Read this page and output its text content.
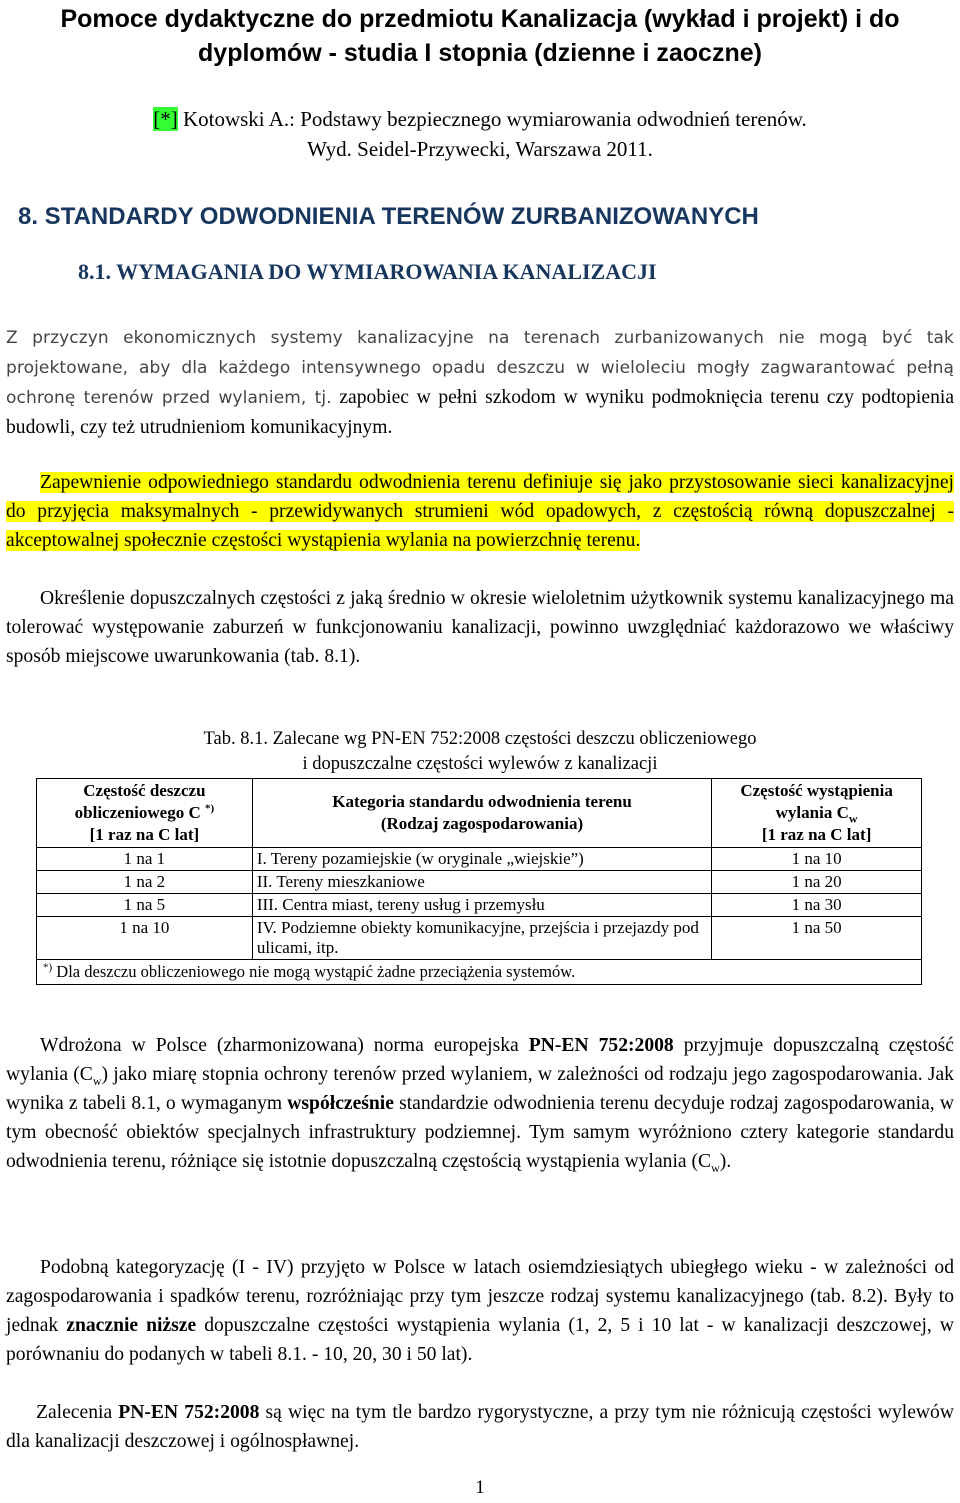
Pomoce dydaktyczne do przedmiotu Kanalizacja (wykład i projekt) i do dyplomów - studia I stopnia (dzienne i zaoczne)
[*] Kotowski A.: Podstawy bezpiecznego wymiarowania odwodnień terenów.
Wyd. Seidel-Przywecki, Warszawa 2011.
8. STANDARDY ODWODNIENIA TERENÓW ZURBANIZOWANYCH
8.1. WYMAGANIA DO WYMIAROWANIA KANALIZACJI

Z przyczyn ekonomicznych systemy kanalizacyjne na terenach zurbanizowanych nie mogą być tak projektowane, aby dla każdego intensywnego opadu deszczu w wieloleciu mogły zagwarantować pełną ochronę terenów przed wylaniem, tj. zapobiec w pełni szkodom w wyniku podmoknięcia terenu czy podtopienia budowli, czy też utrudnieniom komunikacyjnym.

Zapewnienie odpowiedniego standardu odwodnienia terenu definiuje się jako przystosowanie sieci kanalizacyjnej do przyjęcia maksymalnych - przewidywanych strumieni wód opadowych, z częstością równą dopuszczalnej - akceptowalnej społecznie częstości wystąpienia wylania na powierzchnię terenu.

Określenie dopuszczalnych częstości z jaką średnio w okresie wieloletnim użytkownik systemu kanalizacyjnego ma tolerować występowanie zaburzeń w funkcjonowaniu kanalizacji, powinno uwzględniać każdorazowo we właściwy sposób miejscowe uwarunkowania (tab. 8.1).

Tab. 8.1. Zalecane wg PN-EN 752:2008 częstości deszczu obliczeniowego
i dopuszczalne częstości wylewów z kanalizacji
Częstość deszczu
obliczeniowego C *)
[1 raz na C lat]	Kategoria standardu odwodnienia terenu
(Rodzaj zagospodarowania)	Częstość wystąpienia
wylania $C_w$
[1 raz na C lat]
1 na 1	I. Tereny pozamiejskie (w oryginale „wiejskie”)	1 na 10
1 na 2	II. Tereny mieszkaniowe	1 na 20
1 na 5	III. Centra miast, tereny usług i przemysłu	1 na 30
1 na 10	IV. Podziemne obiekty komunikacyjne, przejścia i przejazdy pod ulicami, itp.	1 na 50
*) Dla deszczu obliczeniowego nie mogą wystąpić żadne przeciążenia systemów.		

Wdrożona w Polsce (zharmonizowana) norma europejska PN-EN 752:2008 przyjmuje dopuszczalną częstość wylania $(C_w)$ jako miarę stopnia ochrony terenów przed wylaniem, w zależności od rodzaju jego zagospodarowania. Jak wynika z tabeli 8.1, o wymaganym współcześnie standardzie odwodnienia terenu decyduje rodzaj zagospodarowania, w tym obecność obiektów specjalnych infrastruktury podziemnej. Tym samym wyróżniono cztery kategorie standardu odwodnienia terenu, różniące się istotnie dopuszczalną częstością wystąpienia wylania $(C_w)$.

Podobną kategoryzację (I - IV) przyjęto w Polsce w latach osiemdziesiątych ubiegłego wieku - w zależności od zagospodarowania i spadków terenu, rozróżniając przy tym jeszcze rodzaj systemu kanalizacyjnego (tab. 8.2). Były to jednak znacznie niższe dopuszczalne częstości wystąpienia wylania (1, 2, 5 i 10 lat - w kanalizacji deszczowej, w porównaniu do podanych w tabeli 8.1. - 10, 20, 30 i 50 lat).

Zalecenia PN-EN 752:2008 są więc na tym tle bardzo rygorystyczne, a przy tym nie różnicują częstości wylewów dla kanalizacji deszczowej i ogólnospławnej.

1
